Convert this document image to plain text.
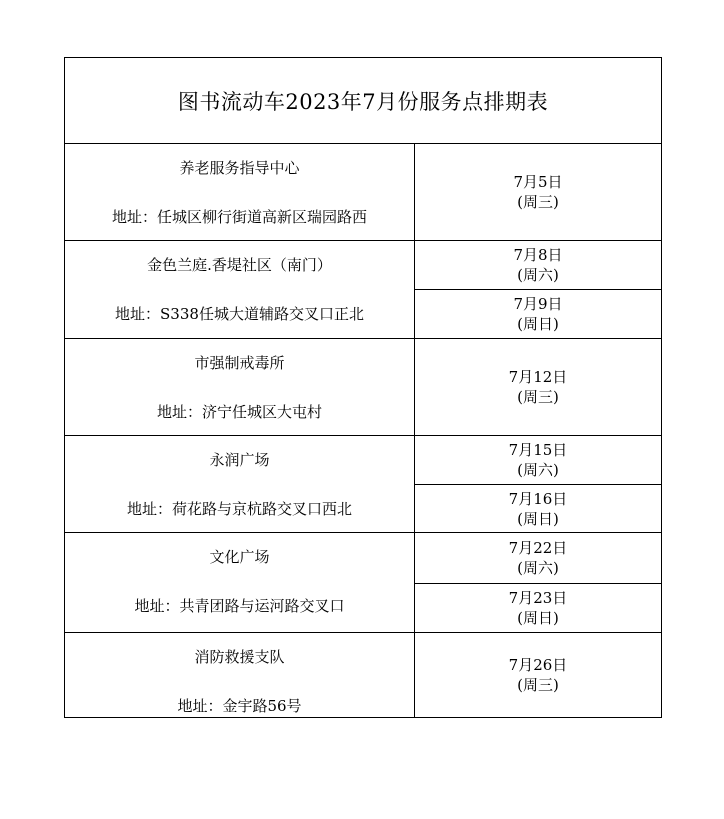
图书流动车2023年7月份服务点排期表
养老服务指导中心
地址：任城区柳行街道高新区瑞园路西
7月5日
(周三)
金色兰庭.香堤社区（南门）
地址：S338任城大道辅路交叉口正北
7月8日
(周六)
7月9日
(周日)
市强制戒毒所
地址：济宁任城区大屯村
7月12日
(周三)
永润广场
地址：荷花路与京杭路交叉口西北
7月15日
(周六)
7月16日
(周日)
文化广场
地址：共青团路与运河路交叉口
7月22日
(周六)
7月23日
(周日)
消防救援支队
地址：金宇路56号
7月26日
(周三)
